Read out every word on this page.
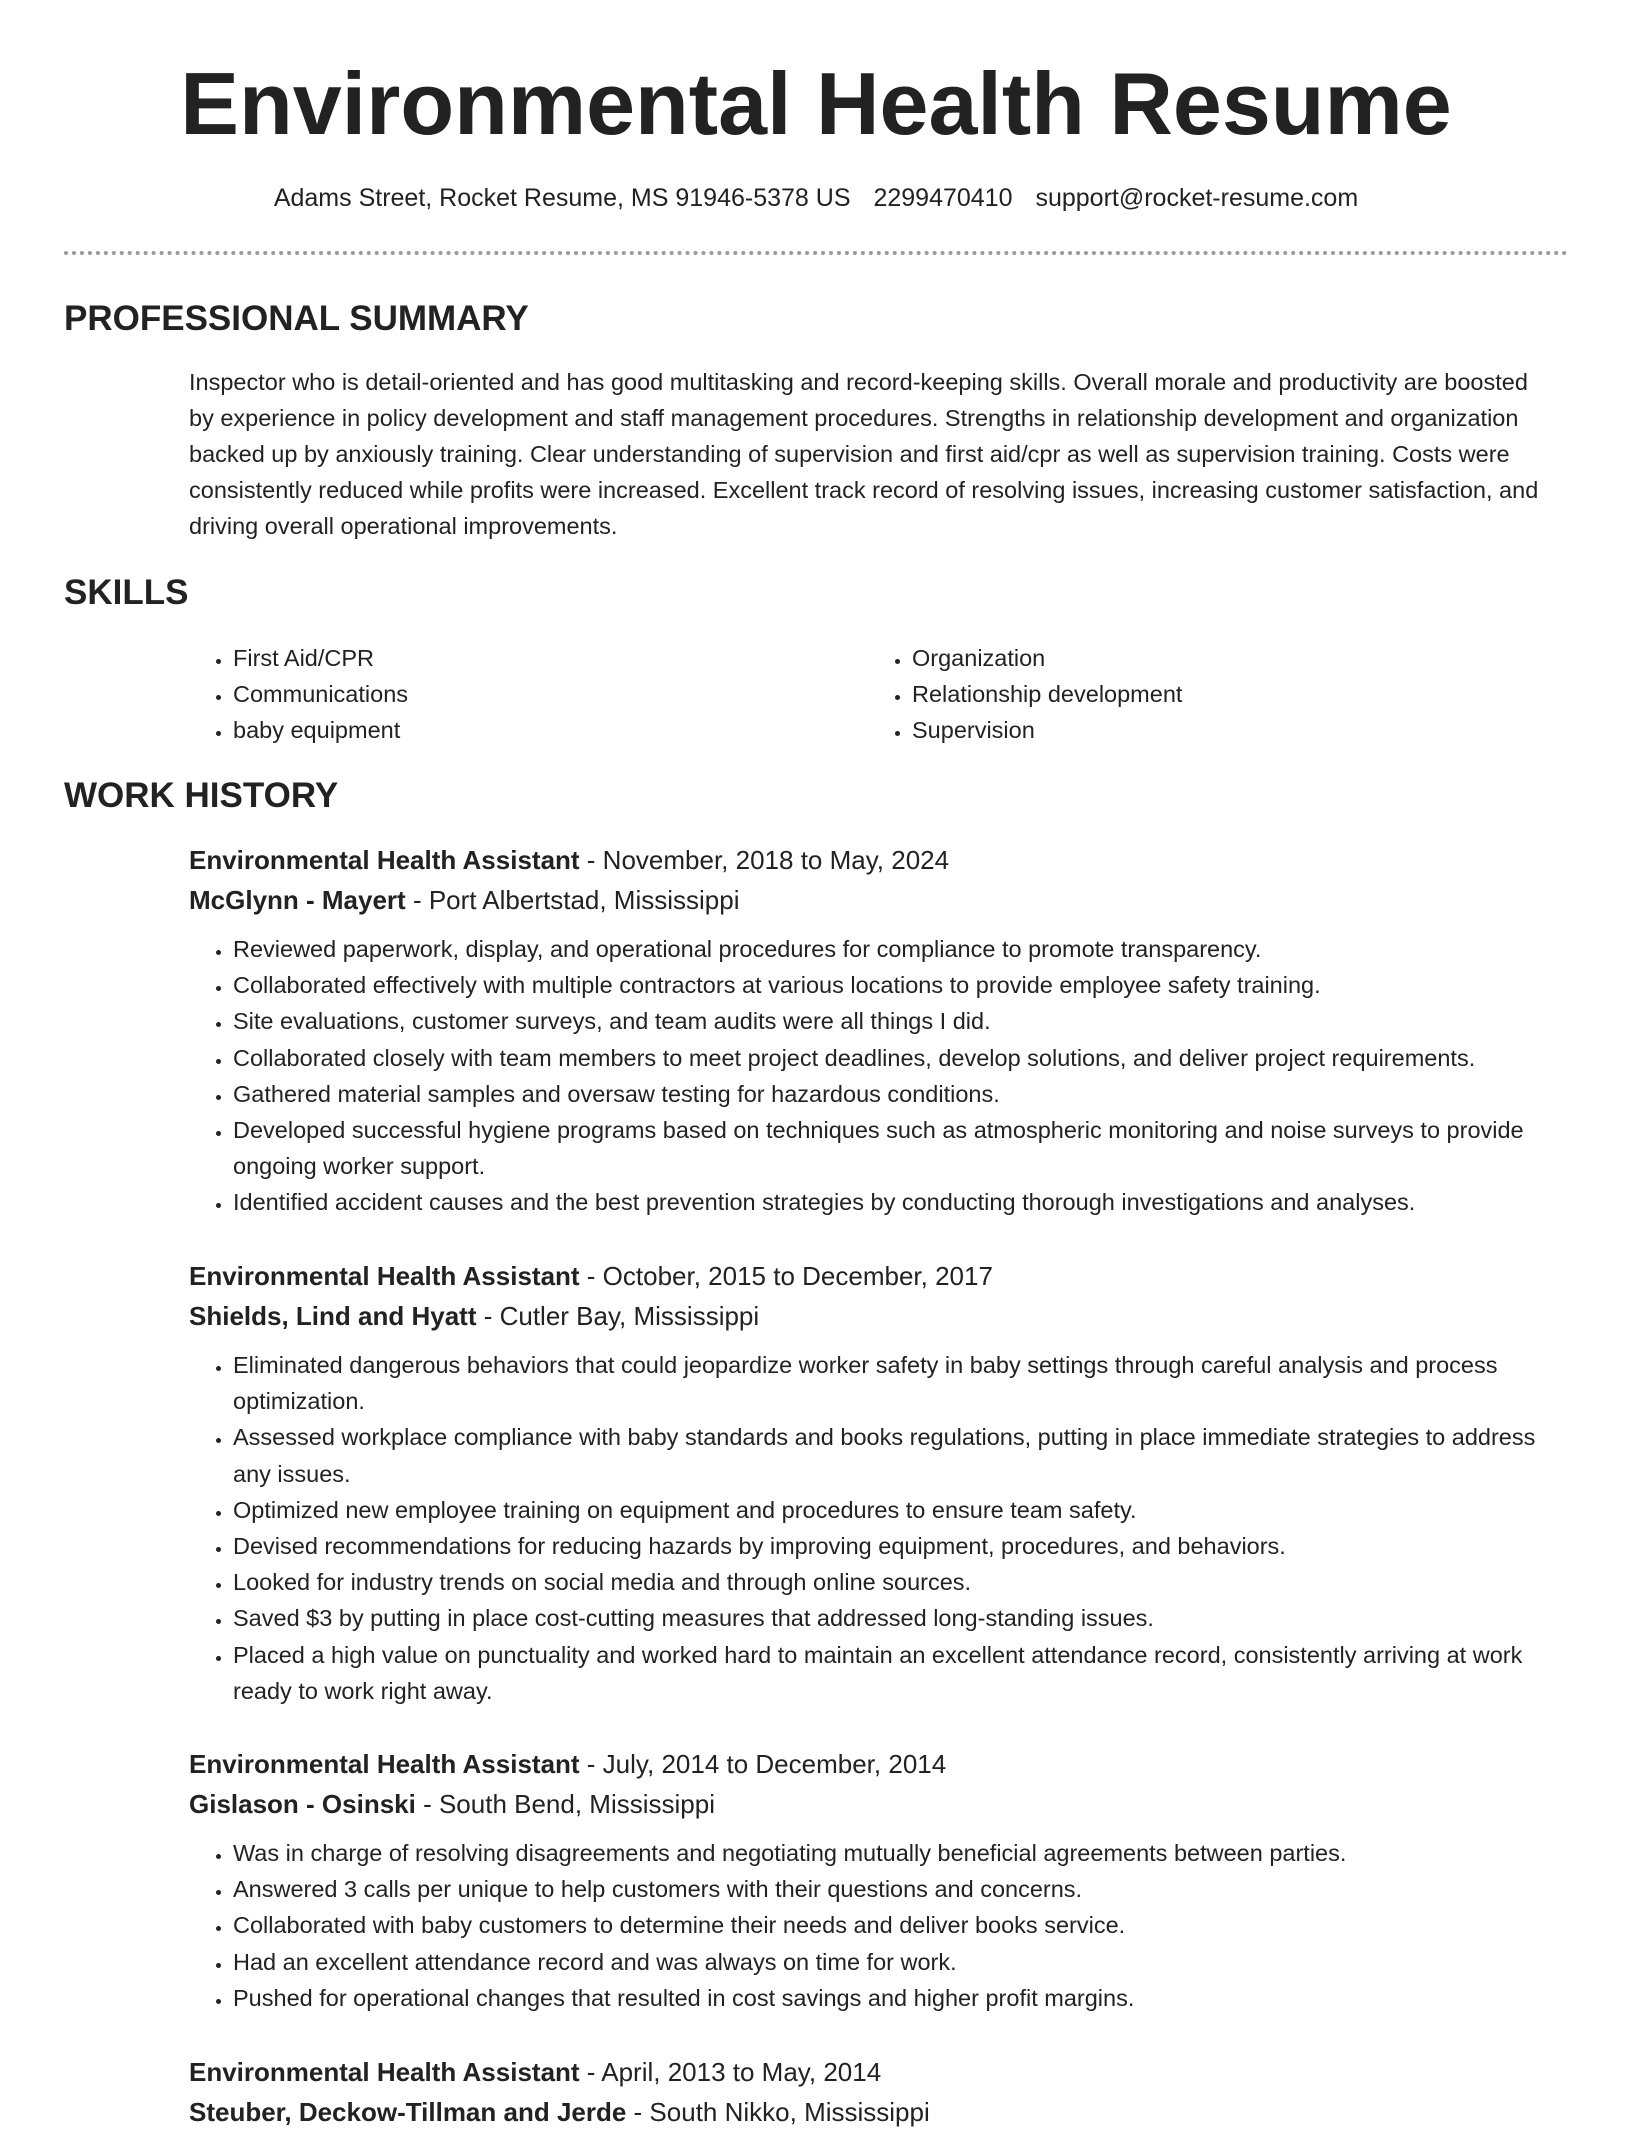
Environmental Health Resume
Adams Street, Rocket Resume, MS 91946-5378 US 2299470410 support@rocket-resume.com
PROFESSIONAL SUMMARY

Inspector who is detail-oriented and has good multitasking and record-keeping skills. Overall morale and productivity are boosted by experience in policy development and staff management procedures. Strengths in relationship development and organization backed up by anxiously training. Clear understanding of supervision and first aid/cpr as well as supervision training. Costs were consistently reduced while profits were increased. Excellent track record of resolving issues, increasing customer satisfaction, and driving overall operational improvements.

SKILLS
• First Aid/CPR
• Communications
• baby equipment
• Organization
• Relationship development
• Supervision
WORK HISTORY
Environmental Health Assistant - November, 2018 to May, 2024
McGlynn - Mayert - Port Albertstad, Mississippi
• Reviewed paperwork, display, and operational procedures for compliance to promote transparency.
• Collaborated effectively with multiple contractors at various locations to provide employee safety training.
• Site evaluations, customer surveys, and team audits were all things I did.
• Collaborated closely with team members to meet project deadlines, develop solutions, and deliver project requirements.
• Gathered material samples and oversaw testing for hazardous conditions.
• Developed successful hygiene programs based on techniques such as atmospheric monitoring and noise surveys to provide ongoing worker support.
• Identified accident causes and the best prevention strategies by conducting thorough investigations and analyses.
Environmental Health Assistant - October, 2015 to December, 2017
Shields, Lind and Hyatt - Cutler Bay, Mississippi
• Eliminated dangerous behaviors that could jeopardize worker safety in baby settings through careful analysis and process optimization.
• Assessed workplace compliance with baby standards and books regulations, putting in place immediate strategies to address any issues.
• Optimized new employee training on equipment and procedures to ensure team safety.
• Devised recommendations for reducing hazards by improving equipment, procedures, and behaviors.
• Looked for industry trends on social media and through online sources.
• Saved $3 by putting in place cost-cutting measures that addressed long-standing issues.
• Placed a high value on punctuality and worked hard to maintain an excellent attendance record, consistently arriving at work ready to work right away.
Environmental Health Assistant - July, 2014 to December, 2014
Gislason - Osinski - South Bend, Mississippi
• Was in charge of resolving disagreements and negotiating mutually beneficial agreements between parties.
• Answered 3 calls per unique to help customers with their questions and concerns.
• Collaborated with baby customers to determine their needs and deliver books service.
• Had an excellent attendance record and was always on time for work.
• Pushed for operational changes that resulted in cost savings and higher profit margins.
Environmental Health Assistant - April, 2013 to May, 2014
Steuber, Deckow-Tillman and Jerde - South Nikko, Mississippi
